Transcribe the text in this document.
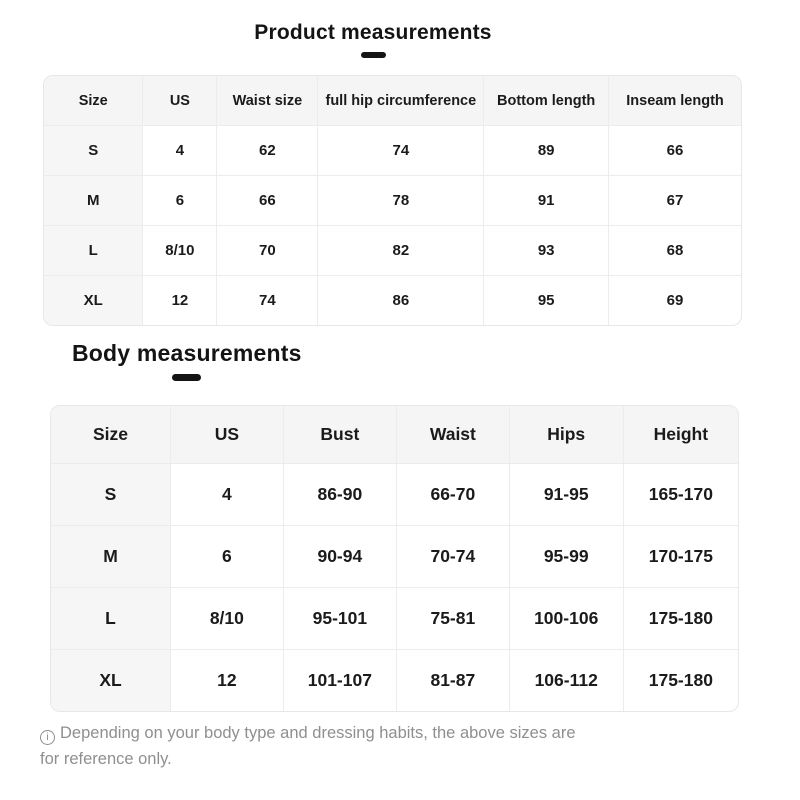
Product measurements
Size	US	Waist size	full hip circumference	Bottom length	Inseam length
S	4	62	74	89	66
M	6	66	78	91	67
L	8/10	70	82	93	68
XL	12	74	86	95	69
Body measurements
Size	US	Bust	Waist	Hips	Height
S	4	86-90	66-70	91-95	165-170
M	6	90-94	70-74	95-99	170-175
L	8/10	95-101	75-81	100-106	175-180
XL	12	101-107	81-87	106-112	175-180
i Depending on your body type and dressing habits, the above sizes are for reference only.
